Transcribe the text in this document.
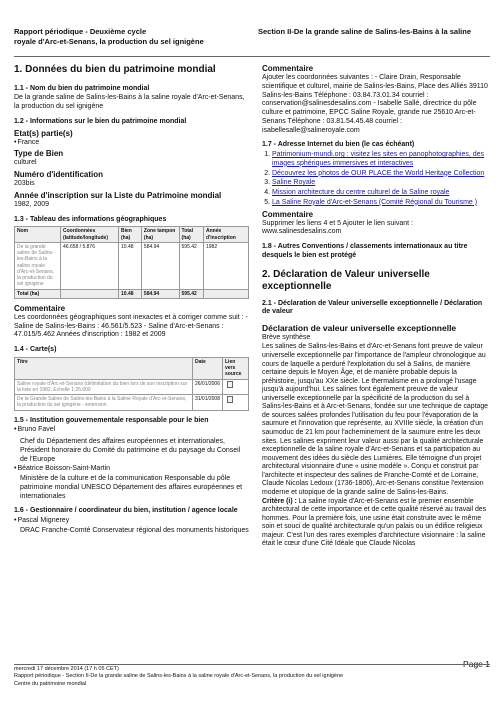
Rapport périodique - Deuxième cycle	Section II-De la grande saline de Salins-les-Bains à la saline
royale d'Arc-et-Senans, la production du sel ignigène
1. Données du bien du patrimoine mondial
1.1 - Nom du bien du patrimoine mondial

De la grande saline de Salins-les-Bains à la saline royale d'Arc-et-Senans, la production du sel ignigène

1.2 - Informations sur le bien du patrimoine mondial
Etat(s) partie(s)

• France

Type de Bien

culturel

Numéro d'identification

203bis

Année d'inscription sur la Liste du Patrimoine mondial

1982, 2009

1.3 - Tableau des informations géographiques
Nom	Coordonnées (latitude/longitude)	Bien (ha)	Zone tampon (ha)	Total (ha)	Année d'inscription
De la grande saline de Salins-les-Bains à la saline royale d'Arc-et-Senans, la production du sel ignigène	46.658 / 5.876	10.48	584.94	595.42	1982
Total (ha)		10.48	584.94	595.42	
Commentaire

Les coordonnées géographiques sont inexactes et à corriger comme suit : - Saline de Salins-les-Bains : 46.561/5.523 - Saline d'Arc-et-Senans : 47.015/5.462 Années d'inscription : 1982 et 2009

1.4 - Carte(s)
Titre	Date	Lien vers source
Saline royale d'Arc-et-Senans (délimitation du bien lors de son inscription sur la liste en 1982. Echelle 1:25.000	26/01/2006	
De la Grande Saline de Salins-les-Bains à la Saline Royale d'Arc-et-Senans, la production du sel ignigène - extension	31/01/2008	
1.5 - Institution gouvernementale responsable pour le bien

• Bruno Favel

Chef du Département des affaires européennes et internationales, Président honoraire du Comité du patrimoine et du paysage du Conseil de l'Europe

• Béatrice Boisson-Saint-Martin

Ministère de la culture et de la communication Responsable du pôle patrimoine mondial UNESCO Département des affaires européennes et internationales

1.6 - Gestionnaire / coordinateur du bien, institution / agence locale

• Pascal Mignerey

DRAC Franche-Comté Conservateur régional des monuments historiques

Commentaire

Ajouter les coordonnées suivantes : - Claire Drain, Responsable scientifique et culturel, mairie de Salins-les-Bains, Place des Alliés 39110 Salins-les-Bains Téléphone : 03.84.73.01.34 courriel : conservation@salinesdesalins.com - Isabelle Sallé, directrice du pôle culture et patrimoine, EPCC Saline Royale, grande rue 25610 Arc-et-Senans Téléphone : 03.81.54.45.48 courriel : isabellesalle@salineroyale.com

1.7 - Adresse Internet du bien (le cas échéant)
1. Patrimonium-mundi.org : visitez les sites en panophotographies, des images sphériques immersives et interactives
2. Découvrez les photos de OUR PLACE the World Heritage Collection
3. Saline Royale
4. Mission architecture du centre culturel de la Saline royale
5. La Saline Royale d'Arc-et-Senans (Comité Régional du Tourisme )
Commentaire

Supprimer les liens 4 et 5 Ajouter le lien suivant : www.salinesdesalins.com

1.8 - Autres Conventions / classements internationaux au titre desquels le bien est protégé
2. Déclaration de Valeur universelle exceptionnelle
2.1 - Déclaration de Valeur universelle exceptionnelle / Déclaration de valeur
Déclaration de valeur universelle exceptionnelle

Brève synthèse

Les salines de Salins-les-Bains et d'Arc-et-Senans font preuve de valeur universelle exceptionnelle par l'importance de l'ampleur chronologique au cours de laquelle a perduré l'exploitation du sel à Salins, de manière certaine depuis le Moyen Âge, et de manière probable depuis la préhistoire, jusqu'au XXe siècle. Le thermalisme en a prolongé l'usage jusqu'à aujourd'hui. Les salines font également preuve de valeur universelle exceptionnelle par la spécificité de la production du sel à Salins-les-Bains et à Arc-et-Senans, fondée sur une technique de captage de sources salées profondes l'utilisation du feu pour l'évaporation de la saumure et l'innovation que représente, au XVIIIe siècle, la création d'un saumoduc de 21 km pour l'acheminement de la saumure entre les deux sites. Les salines expriment leur valeur aussi par la qualité architecturale exceptionnelle de la saline royale d'Arc-et-Senans et sa participation au mouvement des idées du siècle des Lumières. Elle témoigne d'un projet architectural visionnaire d'une « usine modèle ». Conçu et construit par l'architecte et inspecteur des salines de Franche-Comté et de Lorraine, Claude Nicolas Ledoux (1736-1806), Arc-et-Senans constitue l'extension moderne et utopique de la grande saline de Salins-les-Bains.

Critère (i) : La saline royale d'Arc-et-Senans est le premier ensemble architectural de cette importance et de cette qualité réservé au travail des hommes. Pour la première fois, une usine était construite avec le même soin et souci de qualité architecturale qu'un palais ou un édifice religieux majeur. C'est l'un des rares exemples d'architecture visionnaire : la saline était le cœur d'une Cité Idéale que Claude Nicolas

Page 1
mercredi 17 décembre 2014 (17 h 05 CET)
Rapport périodique - Section II-De la grande saline de Salins-les-Bains à la saline royale d'Arc-et-Senans, la production du sel ignigène
Centre du patrimoine mondial
